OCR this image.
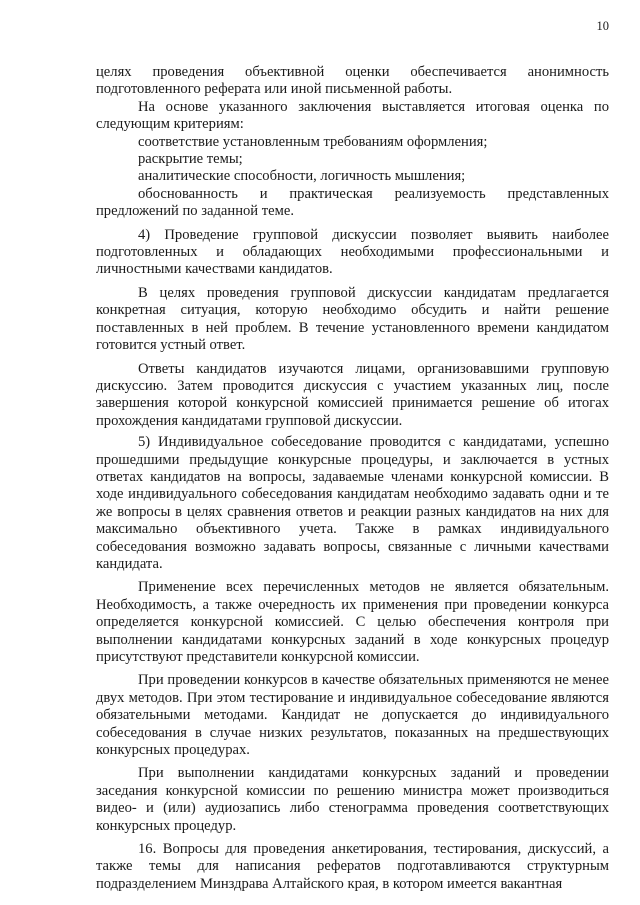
10

целях проведения объективной оценки обеспечивается анонимность подготовленного реферата или иной письменной работы.

На основе указанного заключения выставляется итоговая оценка по следующим критериям:

соответствие установленным требованиям оформления;

раскрытие темы;

аналитические способности, логичность мышления;

обоснованность и практическая реализуемость представленных предложений по заданной теме.

4) Проведение групповой дискуссии позволяет выявить наиболее подготовленных и обладающих необходимыми профессиональными и личностными качествами кандидатов.

В целях проведения групповой дискуссии кандидатам предлагается конкретная ситуация, которую необходимо обсудить и найти решение поставленных в ней проблем. В течение установленного времени кандидатом готовится устный ответ.

Ответы кандидатов изучаются лицами, организовавшими групповую дискуссию. Затем проводится дискуссия с участием указанных лиц, после завершения которой конкурсной комиссией принимается решение об итогах прохождения кандидатами групповой дискуссии.

5) Индивидуальное собеседование проводится с кандидатами, успешно прошедшими предыдущие конкурсные процедуры, и заключается в устных ответах кандидатов на вопросы, задаваемые членами конкурсной комиссии. В ходе индивидуального собеседования кандидатам необходимо задавать одни и те же вопросы в целях сравнения ответов и реакции разных кандидатов на них для максимально объективного учета. Также в рамках индивидуального собеседования возможно задавать вопросы, связанные с личными качествами кандидата.

Применение всех перечисленных методов не является обязательным. Необходимость, а также очередность их применения при проведении конкурса определяется конкурсной комиссией. С целью обеспечения контроля при выполнении кандидатами конкурсных заданий в ходе конкурсных процедур присутствуют представители конкурсной комиссии.

При проведении конкурсов в качестве обязательных применяются не менее двух методов. При этом тестирование и индивидуальное собеседование являются обязательными методами. Кандидат не допускается до индивидуального собеседования в случае низких результатов, показанных на предшествующих конкурсных процедурах.

При выполнении кандидатами конкурсных заданий и проведении заседания конкурсной комиссии по решению министра может производиться видео- и (или) аудиозапись либо стенограмма проведения соответствующих конкурсных процедур.

16. Вопросы для проведения анкетирования, тестирования, дискуссий, а также темы для написания рефератов подготавливаются структурным подразделением Минздрава Алтайского края, в котором имеется вакантная
